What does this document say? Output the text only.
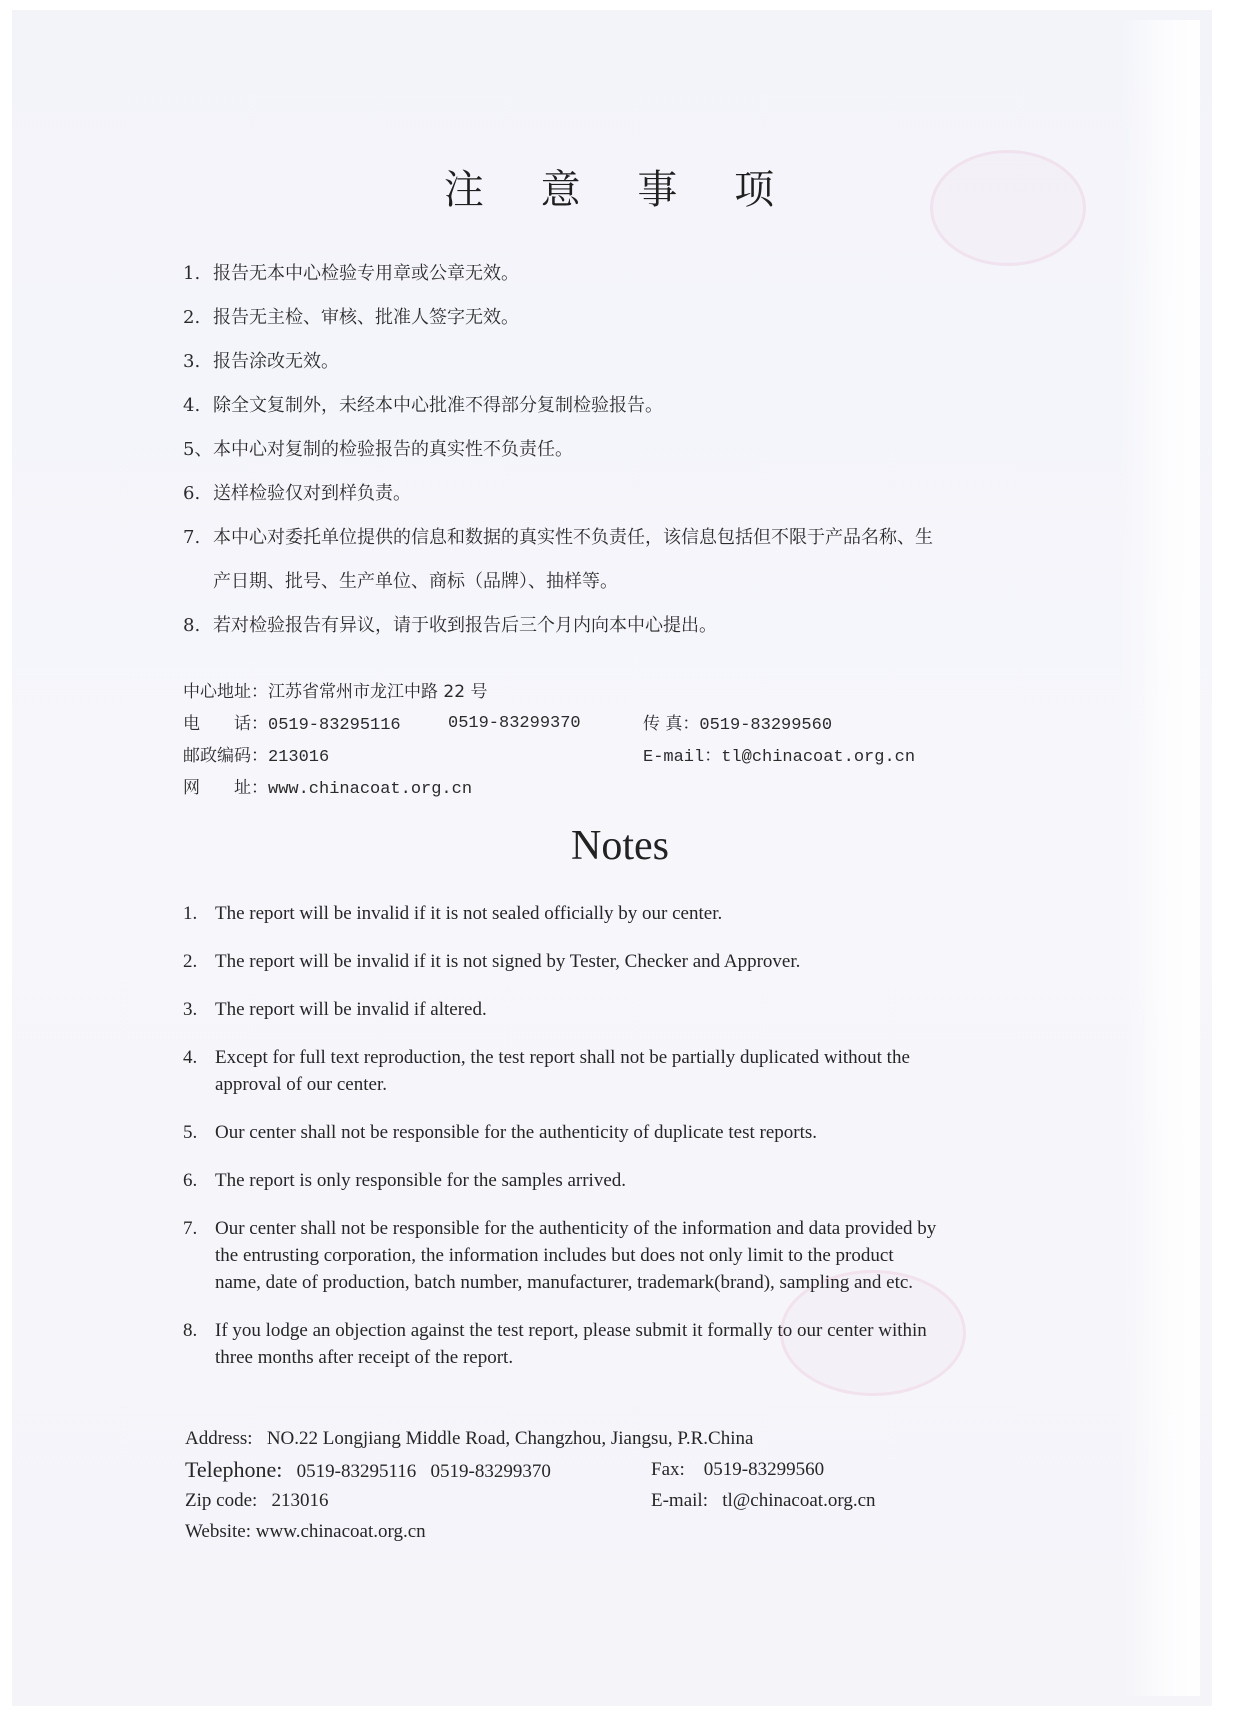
注 意 事 项
1. 报告无本中心检验专用章或公章无效。
2. 报告无主检、审核、批准人签字无效。
3. 报告涂改无效。
4. 除全文复制外，未经本中心批准不得部分复制检验报告。
5、 本中心对复制的检验报告的真实性不负责任。
6. 送样检验仅对到样负责。
7. 本中心对委托单位提供的信息和数据的真实性不负责任，该信息包括但不限于产品名称、生产日期、批号、生产单位、商标（品牌）、抽样等。
8. 若对检验报告有异议，请于收到报告后三个月内向本中心提出。
中心地址：江苏省常州市龙江中路 22 号
电　　话：0519-83295116	0519-83299370	传 真：0519-83299560
邮政编码：213016	E-mail：tl@chinacoat.org.cn
网　　址：www.chinacoat.org.cn
Notes
1. The report will be invalid if it is not sealed officially by our center.
2. The report will be invalid if it is not signed by Tester, Checker and Approver.
3. The report will be invalid if altered.
4. Except for full text reproduction, the test report shall not be partially duplicated without the approval of our center.
5. Our center shall not be responsible for the authenticity of duplicate test reports.
6. The report is only responsible for the samples arrived.
7. Our center shall not be responsible for the authenticity of the information and data provided by the entrusting corporation, the information includes but does not only limit to the product name, date of production, batch number, manufacturer, trademark(brand), sampling and etc.
8. If you lodge an objection against the test report, please submit it formally to our center within three months after receipt of the report.
Address: NO.22 Longjiang Middle Road, Changzhou, Jiangsu, P.R.China
Telephone: 0519-83295116 0519-83299370	Fax: 0519-83299560
Zip code: 213016	E-mail: tl@chinacoat.org.cn
Website: www.chinacoat.org.cn
